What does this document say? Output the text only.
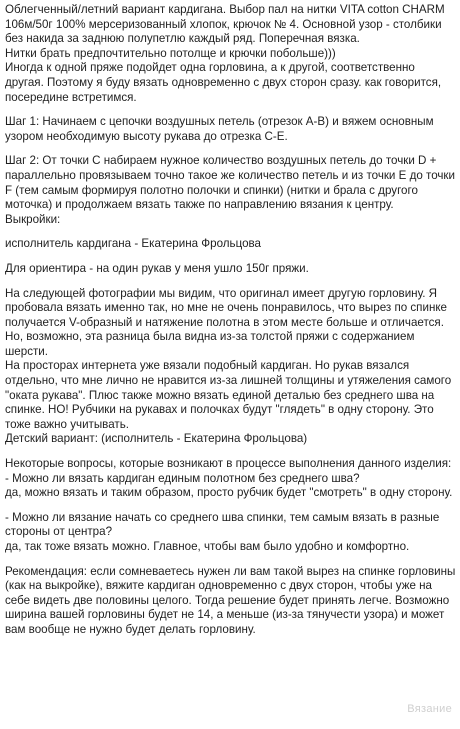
Облегченный/летний вариант кардигана. Выбор пал на нитки VITA cotton CHARM 106м/50г 100% мерсеризованный хлопок, крючок № 4. Основной узор - столбики без накида за заднюю полупетлю каждый ряд. Поперечная вязка.

Нитки брать предпочтительно потолще и крючки побольше)))

Иногда к одной пряже подойдет одна горловина, а к другой, соответственно другая. Поэтому я буду вязать одновременно с двух сторон сразу. как говорится, посередине встретимся.

Шаг 1: Начинаем с цепочки воздушных петель (отрезок А-В) и вяжем основным узором необходимую высоту рукава до отрезка С-Е.

Шаг 2: От точки С набираем нужное количество воздушных петель до точки D + параллельно провязываем точно такое же количество петель и из точки Е до точки F (тем самым формируя полотно полочки и спинки) (нитки и брала с другого моточка) и продолжаем вязать также по направлению вязания к центру.

Выкройки:

исполнитель кардигана - Екатерина Фрольцова

Для ориентира - на один рукав у меня ушло 150г пряжи.

На следующей фотографии мы видим, что оригинал имеет другую горловину. Я пробовала вязать именно так, но мне не очень понравилось, что вырез по спинке получается V-образный и натяжение полотна в этом месте больше и отличается. Но, возможно, эта разница была видна из-за толстой пряжи с содержанием шерсти.

На просторах интернета уже вязали подобный кардиган. Но рукав вязался отдельно, что мне лично не нравится из-за лишней толщины и утяжеления самого "оката рукава". Плюс также можно вязать единой деталью без среднего шва на спинке. НО! Рубчики на рукавах и полочках будут "глядеть" в одну сторону. Это тоже важно учитывать.

Детский вариант: (исполнитель - Екатерина Фрольцова)

Некоторые вопросы, которые возникают в процессе выполнения данного изделия:

- Можно ли вязать кардиган единым полотном без среднего шва?

да, можно вязать и таким образом, просто рубчик будет "смотреть" в одну сторону.

- Можно ли вязание начать со среднего шва спинки, тем самым вязать в разные стороны от центра?

да, так тоже вязать можно. Главное, чтобы вам было удобно и комфортно.

Рекомендация: если сомневаетесь нужен ли вам такой вырез на спинке горловины (как на выкройке), вяжите кардиган одновременно с двух сторон, чтобы уже на себе видеть две половины целого. Тогда решение будет принять легче. Возможно ширина вашей горловины будет не 14, а меньше (из-за тянучести узора) и может вам вообще не нужно будет делать горловину.

Вязание
